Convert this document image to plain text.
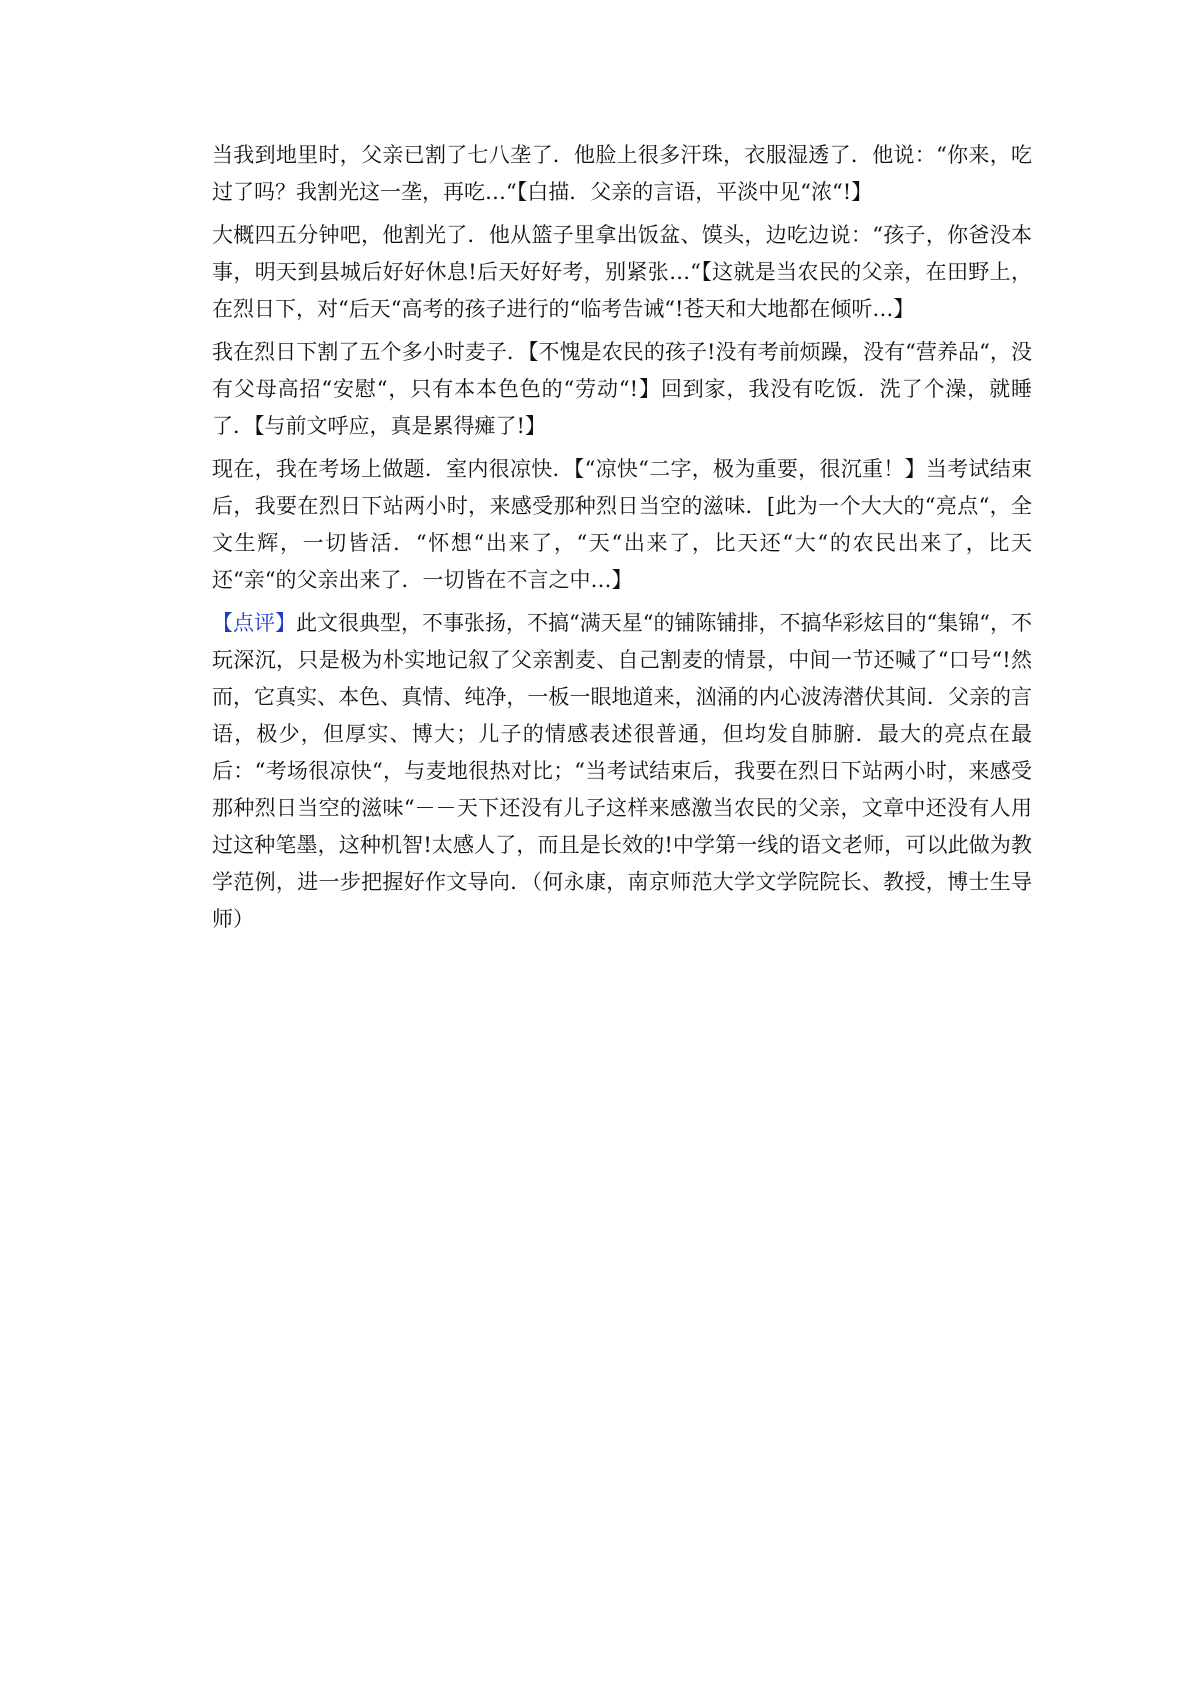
当我到地里时，父亲已割了七八垄了．他脸上很多汗珠，衣服湿透了．他说：“你来，吃过了吗？我割光这一垄，再吃…“【白描．父亲的言语，平淡中见“浓“!】

大概四五分钟吧，他割光了．他从篮子里拿出饭盆、馍头，边吃边说：“孩子，你爸没本事，明天到县城后好好休息!后天好好考，别紧张…“【这就是当农民的父亲，在田野上，在烈日下，对“后天“高考的孩子进行的“临考告诫“!苍天和大地都在倾听…】

我在烈日下割了五个多小时麦子．【不愧是农民的孩子!没有考前烦躁，没有“营养品“，没有父母高招“安慰“，只有本本色色的“劳动“!】回到家，我没有吃饭．洗了个澡，就睡了．【与前文呼应，真是累得瘫了!】

现在，我在考场上做题．室内很凉快．【“凉快“二字，极为重要，很沉重！】当考试结束后，我要在烈日下站两小时，来感受那种烈日当空的滋味．[此为一个大大的“亮点“，全文生辉，一切皆活．“怀想“出来了，“天“出来了，比天还“大“的农民出来了，比天还“亲“的父亲出来了．一切皆在不言之中…】

【点评】此文很典型，不事张扬，不搞“满天星“的铺陈铺排，不搞华彩炫目的“集锦“，不玩深沉，只是极为朴实地记叙了父亲割麦、自己割麦的情景，中间一节还喊了“口号“!然而，它真实、本色、真情、纯净，一板一眼地道来，汹涌的内心波涛潜伏其间．父亲的言语，极少，但厚实、博大；儿子的情感表述很普通，但均发自肺腑．最大的亮点在最后：“考场很凉快“，与麦地很热对比；“当考试结束后，我要在烈日下站两小时，来感受那种烈日当空的滋味“－－天下还没有儿子这样来感激当农民的父亲，文章中还没有人用过这种笔墨，这种机智!太感人了，而且是长效的!中学第一线的语文老师，可以此做为教学范例，进一步把握好作文导向．（何永康，南京师范大学文学院院长、教授，博士生导师）
